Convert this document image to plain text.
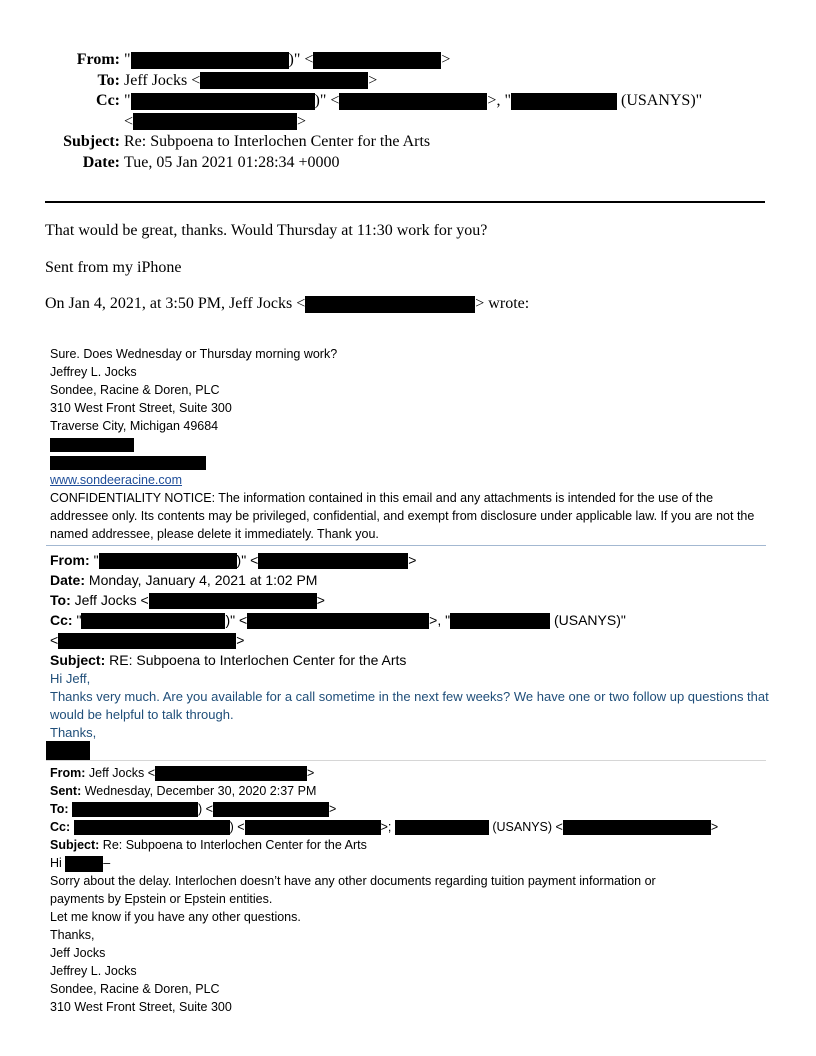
From: "	)" <	>
To: Jeff Jocks <	>
Cc: "	)" <	>, "	(USANYS)"
<	>
Subject: Re: Subpoena to Interlochen Center for the Arts
Date: Tue, 05 Jan 2021 01:28:34 +0000
That would be great, thanks. Would Thursday at 11:30 work for you?
Sent from my iPhone
On Jan 4, 2021, at 3:50 PM, Jeff Jocks <	> wrote:
Sure. Does Wednesday or Thursday morning work?
Jeffrey L. Jocks
Sondee, Racine & Doren, PLC
310 West Front Street, Suite 300
Traverse City, Michigan 49684
www.sondeeracine.com
CONFIDENTIALITY NOTICE: The information contained in this email and any attachments is intended for the use of the addressee only. Its contents may be privileged, confidential, and exempt from disclosure under applicable law. If you are not the named addressee, please delete it immediately. Thank you.
From: "	)" <	>
Date: Monday, January 4, 2021 at 1:02 PM
To: Jeff Jocks <	>
Cc: "	)" <	>, "	(USANYS)"
<	>
Subject: RE: Subpoena to Interlochen Center for the Arts
Hi Jeff,
Thanks very much. Are you available for a call sometime in the next few weeks? We have one or two follow up questions that would be helpful to talk through.
Thanks,
From: Jeff Jocks <	>
Sent: Wednesday, December 30, 2020 2:37 PM
To:	) <	>
Cc:	) <	>;	(USANYS) <	>
Subject: Re: Subpoena to Interlochen Center for the Arts
Hi	–
Sorry about the delay. Interlochen doesn’t have any other documents regarding tuition payment information or
payments by Epstein or Epstein entities.
Let me know if you have any other questions.
Thanks,
Jeff Jocks
Jeffrey L. Jocks
Sondee, Racine & Doren, PLC
310 West Front Street, Suite 300
